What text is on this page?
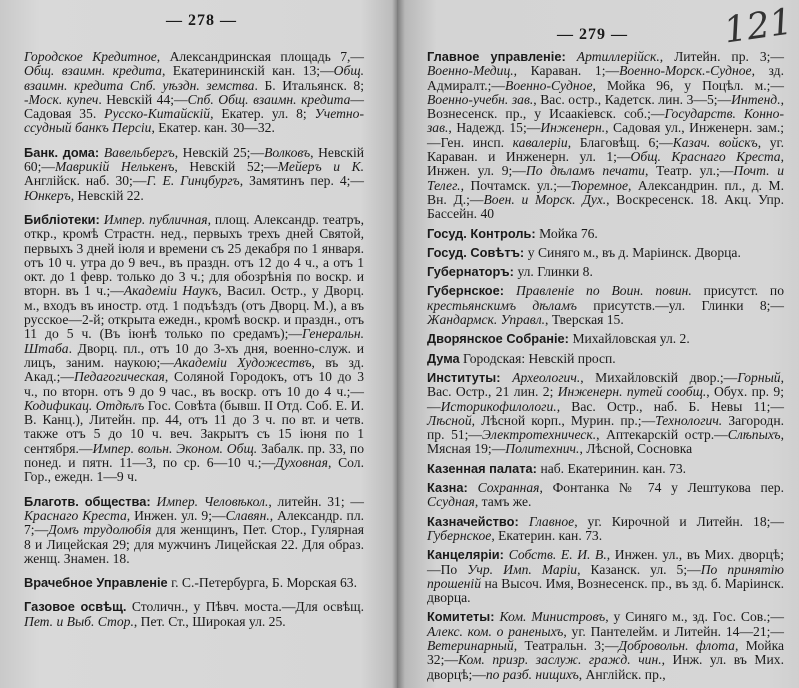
— 278 —

Городское Кредитное, Александринская площадь 7,—Общ. взаимн. кредита, Екатерининскій кан. 13;—Общ. взаимн. кредита Спб. уѣздн. земства. Б. Итальянск. 8; -Моск. купеч. Невскій 44;—Спб. Общ. взаимн. кредита—Садовая 35. Русско-Китайскій, Екатер. ул. 8; Учетно-ссудный банкъ Персіи, Екатер. кан. 30—32.

Банк. дома: Вавельбергъ, Невскій 25;—Волковъ, Невскій 60;—Маврикій Нелькенъ, Невскій 52;—Мейеръ и К. Англійск. наб. 30;—Г. Е. Гинцбургъ, Замятинъ пер. 4;—Юнкеръ, Невскій 22.

Библіотеки: Импер. публичная, площ. Александр. театръ, откр., кромѣ Страстн. нед., первыхъ трехъ дней Святой, первыхъ 3 дней іюля и времени съ 25 декабря по 1 января. отъ 10 ч. утра до 9 веч., въ праздн. отъ 12 до 4 ч., а отъ 1 окт. до 1 февр. только до 3 ч.; для обозрѣнія по воскр. и вторн. въ 1 ч.;—Академіи Наукъ, Васил. Остр., у Дворц. м., входъ въ иностр. отд. 1 подъѣздъ (отъ Дворц. М.), а въ русское—2-й; открыта ежедн., кромѣ воскр. и праздн., отъ 11 до 5 ч. (Въ іюнѣ только по средамъ);—Генеральн. Штаба. Дворц. пл., отъ 10 до 3-хъ дня, военно-служ. и лицъ, заним. наукою;—Академіи Художествъ, въ зд. Акад.;—Педагогическая, Соляной Городокъ, отъ 10 до 3 ч., по вторн. отъ 9 до 9 час., въ воскр. отъ 10 до 4 ч.;—Кодификац. Отдѣлъ Гос. Совѣта (бывш. II Отд. Соб. Е. И. В. Канц.), Литейн. пр. 44, отъ 11 до 3 ч. по вт. и четв. также отъ 5 до 10 ч. веч. Закрытъ съ 15 іюня по 1 сентября.—Импер. вольн. Эконом. Общ. Забалк. пр. 33, по понед. и пятн. 11—3, по ср. 6—10 ч.;—Духовная, Сол. Гор., ежедн. 1—9 ч.

Благотв. общества: Импер. Человѣкол., литейн. 31; —Краснаго Креста, Инжен. ул. 9;—Славян., Александр. пл. 7;—Домъ трудолюбія для женщинъ, Пет. Стор., Гулярная 8 и Лицейская 29; для мужчинъ Лицейская 22. Для образ. женщ. Знамен. 18.

Врачебное Управленіе г. С.-Петербурга, Б. Морская 63.

Газовое освѣщ. Столичн., у Пѣвч. моста.—Для освѣщ. Пет. и Выб. Стор., Пет. Ст., Широкая ул. 25.

— 279 —	121

Главное управленіе: Артиллерійск., Литейн. пр. 3;—Военно-Медиц., Караван. 1;—Военно-Морск.-Судное, зд. Адмиралт.;—Военно-Судное, Мойка 96, у Поцѣл. м.;—Военно-учебн. зав., Вас. остр., Кадетск. лин. 3—5;—Интенд., Вознесенск. пр., у Исаакіевск. соб.;—Государств. Конно-зав., Надежд. 15;—Инженерн., Садовая ул., Инженерн. зам.;—Ген. инсп. кавалеріи, Благовѣщ. 6;—Казач. войскъ, уг. Караван. и Инженерн. ул. 1;—Общ. Краснаго Креста, Инжен. ул. 9;—По дѣламъ печати, Театр. ул.;—Почт. и Телег., Почтамск. ул.;—Тюремное, Александрин. пл., д. М. Вн. Д.;—Воен. и Морск. Дух., Воскресенск. 18. Акц. Упр. Бассейн. 40

Госуд. Контроль: Мойка 76.

Госуд. Совѣтъ: у Синяго м., въ д. Маріинск. Дворца.

Губернаторъ: ул. Глинки 8.

Губернское: Правленіе по Воин. повин. присутст. по крестьянскимъ дѣламъ присутств.—ул. Глинки 8;—Жандармск. Управл., Тверская 15.

Дворянское Собраніе: Михайловская ул. 2.

Дума Городская: Невскій просп.

Институты: Археологич., Михайловскій двор.;—Горный, Вас. Остр., 21 лин. 2; Инженерн. путей сообщ., Обух. пр. 9;—Историкофилологи., Вас. Остр., наб. Б. Невы 11;—Лѣсной, Лѣсной корп., Мурин. пр.;—Технологич. Загородн. пр. 51;—Электротехническ., Аптекарскій остр.—Слѣпыхъ, Мясная 19;—Политехнич., Лѣсной, Сосновка

Казенная палата: наб. Екатеринин. кан. 73.

Казна: Сохранная, Фонтанка № 74 у Лештукова пер. Ссудная, тамъ же.

Казначейство: Главное, уг. Кирочной и Литейн. 18;—Губернское, Екатерин. кан. 73.

Канцеляріи: Собств. Е. И. В., Инжен. ул., въ Мих. дворцѣ;—По Учр. Имп. Маріи, Казанск. ул. 5;—По принятію прошеній на Высоч. Имя, Вознесенск. пр., въ зд. б. Маріинск. дворца.

Комитеты: Ком. Министровъ, у Синяго м., зд. Гос. Сов.;—Алекс. ком. о раненыхъ, уг. Пантелейм. и Литейн. 14—21;—Ветеринарный, Театральн. 3;—Добровольн. флота, Мойка 32;—Ком. призр. заслуж. гражд. чин., Инж. ул. въ Мих. дворцѣ;—по разб. нищихъ, Англійск. пр.,
